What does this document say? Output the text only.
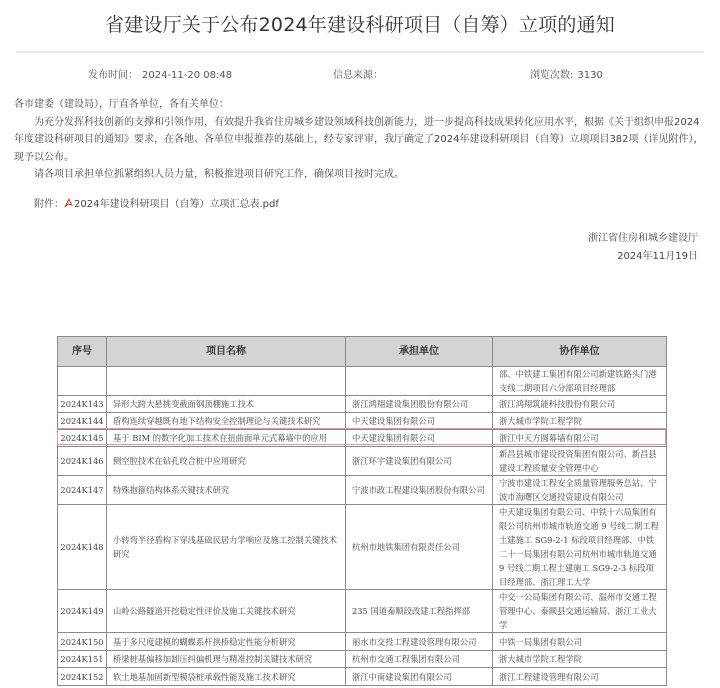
省建设厅关于公布2024年建设科研项目（自筹）立项的通知
发布时间： 2024-11-20 08:48	信息来源：	浏览次数: 3130

各市建委（建设局），厅直各单位，各有关单位：

为充分发挥科技创新的支撑和引领作用，有效提升我省住房城乡建设领域科技创新能力，进一步提高科技成果转化应用水平，根据《关于组织申报2024年度建设科研项目的通知》要求，在各地、各单位申报推荐的基础上，经专家评审，我厅确定了2024年建设科研项目（自筹）立项项目382项（详见附件），现予以公布。

请各项目承担单位抓紧组织人员力量，积极推进项目研究工作，确保项目按时完成。

附件： 2024年建设科研项目（自筹）立项汇总表.pdf
浙江省住房和城乡建设厅
2024年11月19日
序号	项目名称	承担单位	协作单位
			部、中铁建工集团有限公司新建铁路头门港支线二期项目六分部项目经理部
2024K143	异形大跨大悬挑变截面钢顶棚施工技术	浙江鸿翔建设集团股份有限公司	浙江鸿翔筑能科技股份有限公司
2024K144	盾构连续穿越既有地下结构安全控制理论与关键技术研究	中天建设集团有限公司	浙大城市学院工程学院
2024K145	基于 BIM 的数字化加工技术在扭曲面单元式幕墙中的应用	中天建设集团有限公司	浙江中天方圆幕墙有限公司
2024K146	侧空腔技术在钻孔咬合桩中应用研究	浙江环宇建设集团有限公司	新昌县城市建设投资集团有限公司、新昌县建设工程质量安全管理中心
2024K147	特殊抱箍结构体系关键技术研究	宁波市政工程建设集团股份有限公司	宁波市建设工程安全质量管理服务总站、宁波市海曙区交通投资建设有限公司
2024K148	小转弯半径盾构下穿浅基础民居力学响应及施工控制关键技术研究	杭州市地铁集团有限责任公司	中天建设集团有限公司、中铁十六局集团有限公司杭州市城市轨道交通 9 号线二期工程土建施工 SG9-2-1 标段项目经理部、中铁二十一局集团有限公司杭州市城市轨道交通 9 号线二期工程土建施工 SG9-2-3 标段项目经理部、浙江理工大学
2024K149	山岭公路隧道开挖稳定性评价及施工关键技术研究	235 国道泰顺段改建工程指挥部	中交一公局集团有限公司、温州市交通工程管理中心、泰顺县交通运输局、浙江工业大学
2024K150	基于多尺度建模的蝴蝶系杆拱桥稳定性能分析研究	丽水市交投工程建设管理有限公司	中铁一局集团有限公司
2024K151	桥梁桩基偏移加卸压纠偏机理与精准控制关键技术研究	杭州市交通工程集团有限公司	浙大城市学院工程学院
2024K152	软土地基加固新型模袋桩承载性能及施工技术研究	浙江中南建设集团有限公司	浙江工程建设管理有限公司
